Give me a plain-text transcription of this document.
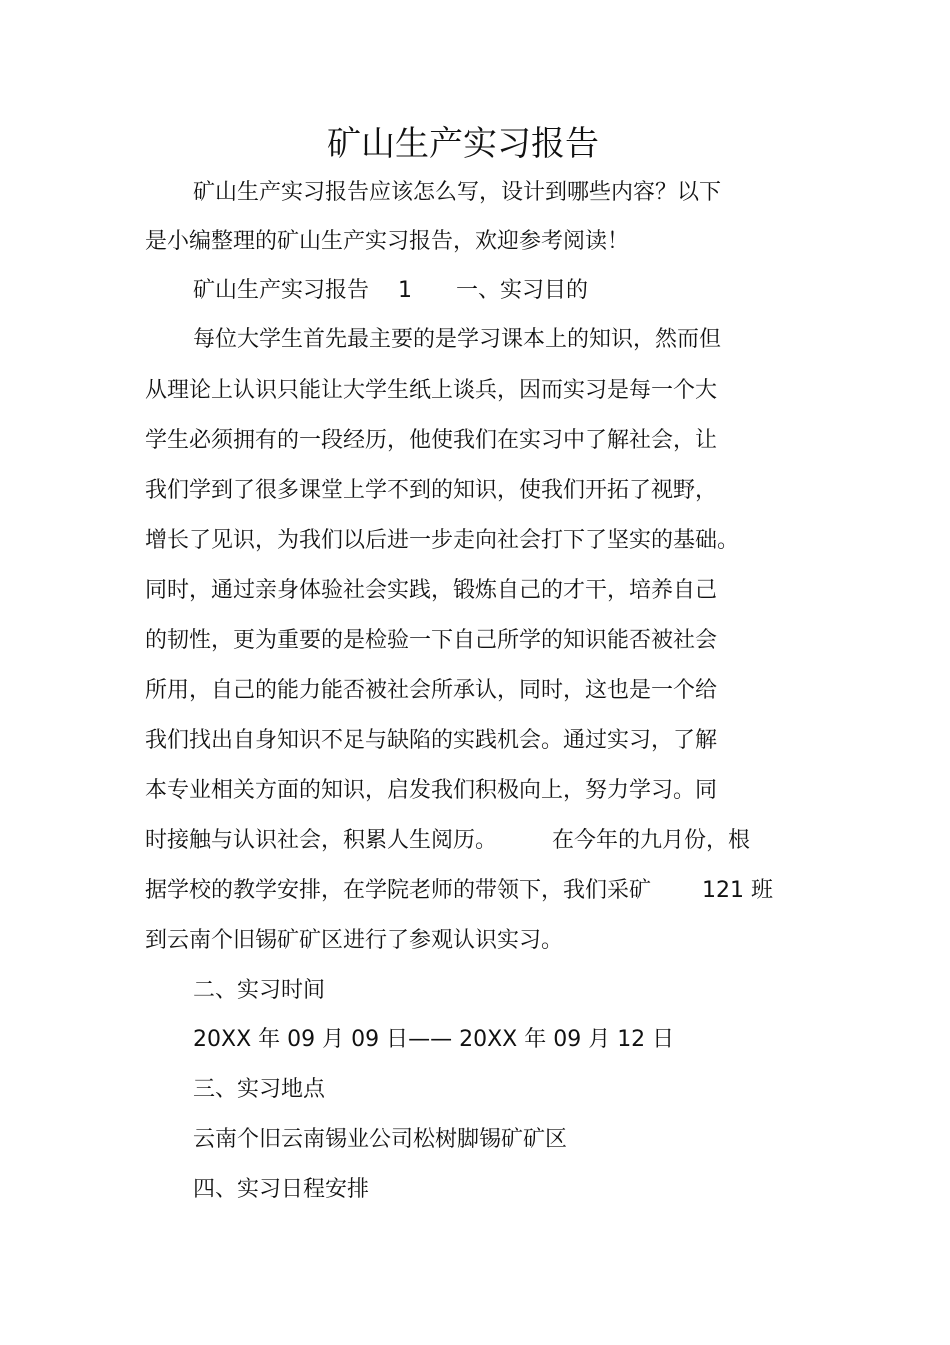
矿山生产实习报告
矿山生产实习报告应该怎么写，设计到哪些内容？以下
是小编整理的矿山生产实习报告，欢迎参考阅读！
矿山生产实习报告　 1　　一、实习目的
每位大学生首先最主要的是学习课本上的知识，然而但
从理论上认识只能让大学生纸上谈兵，因而实习是每一个大
学生必须拥有的一段经历，他使我们在实习中了解社会，让
我们学到了很多课堂上学不到的知识，使我们开拓了视野，
增长了见识，为我们以后进一步走向社会打下了坚实的基础。
同时，通过亲身体验社会实践，锻炼自己的才干，培养自己
的韧性，更为重要的是检验一下自己所学的知识能否被社会
所用，自己的能力能否被社会所承认，同时，这也是一个给
我们找出自身知识不足与缺陷的实践机会。通过实习，了解
本专业相关方面的知识，启发我们积极向上，努力学习。同
时接触与认识社会，积累人生阅历。　　　在今年的九月份，根
据学校的教学安排，在学院老师的带领下，我们采矿　　 121 班
到云南个旧锡矿矿区进行了参观认识实习。
二、实习时间
20XX 年 09 月 09 日—— 20XX 年 09 月 12 日
三、实习地点
云南个旧云南锡业公司松树脚锡矿矿区
四、实习日程安排
